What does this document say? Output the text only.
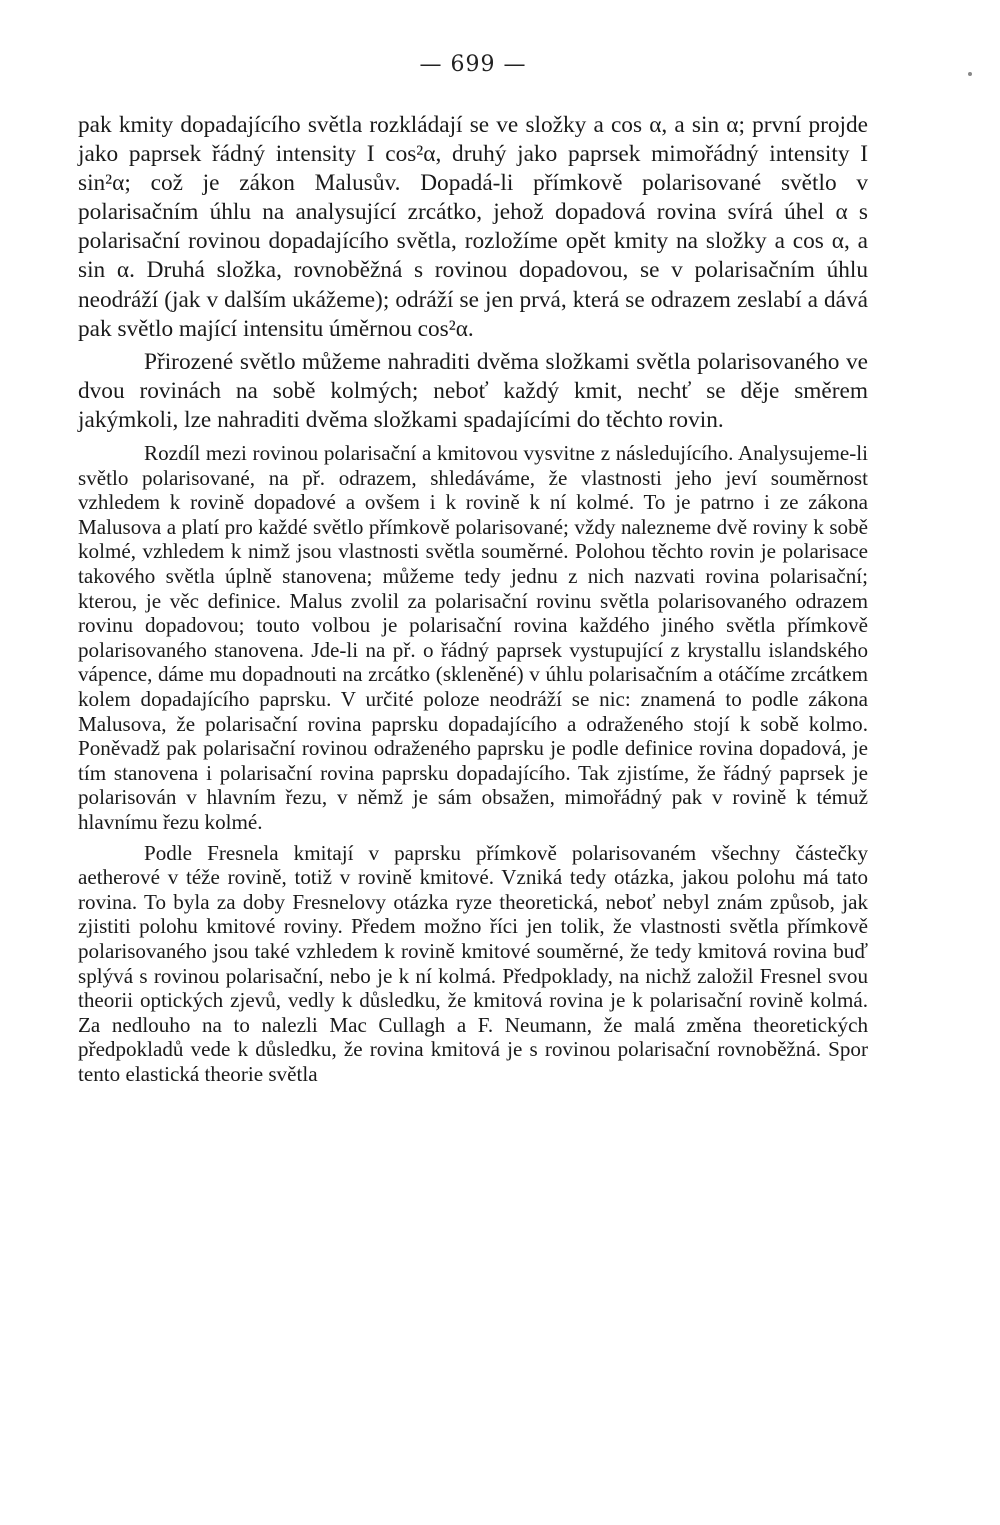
— 699 —

pak kmity dopadajícího světla rozkládají se ve složky a cos α, a sin α; první projde jako paprsek řádný intensity I cos²α, druhý jako paprsek mimořádný intensity I sin²α; což je zákon Malusův. Dopadá-li přímkově polarisované světlo v polarisačním úhlu na analysující zrcátko, jehož dopadová rovina svírá úhel α s polarisační rovinou dopadajícího světla, rozložíme opět kmity na složky a cos α, a sin α. Druhá složka, rovnoběžná s rovinou dopadovou, se v polarisačním úhlu neodráží (jak v dalším ukážeme); odráží se jen prvá, která se odrazem zeslabí a dává pak světlo mající intensitu úměrnou cos²α.

Přirozené světlo můžeme nahraditi dvěma složkami světla polarisovaného ve dvou rovinách na sobě kolmých; neboť každý kmit, nechť se děje směrem jakýmkoli, lze nahraditi dvěma složkami spadajícími do těchto rovin.

Rozdíl mezi rovinou polarisační a kmitovou vysvitne z následujícího. Analysujeme-li světlo polarisované, na př. odrazem, shledáváme, že vlastnosti jeho jeví souměrnost vzhledem k rovině dopadové a ovšem i k rovině k ní kolmé. To je patrno i ze zákona Malusova a platí pro každé světlo přímkově polarisované; vždy nalezneme dvě roviny k sobě kolmé, vzhledem k nimž jsou vlastnosti světla souměrné. Polohou těchto rovin je polarisace takového světla úplně stanovena; můžeme tedy jednu z nich nazvati rovina polarisační; kterou, je věc definice. Malus zvolil za polarisační rovinu světla polarisovaného odrazem rovinu dopadovou; touto volbou je polarisační rovina každého jiného světla přímkově polarisovaného stanovena. Jde-li na př. o řádný paprsek vystupující z krystallu islandského vápence, dáme mu dopadnouti na zrcátko (skleněné) v úhlu polarisačním a otáčíme zrcátkem kolem dopadajícího paprsku. V určité poloze neodráží se nic: znamená to podle zákona Malusova, že polarisační rovina paprsku dopadajícího a odraženého stojí k sobě kolmo. Poněvadž pak polarisační rovinou odraženého paprsku je podle definice rovina dopadová, je tím stanovena i polarisační rovina paprsku dopadajícího. Tak zjistíme, že řádný paprsek je polarisován v hlavním řezu, v němž je sám obsažen, mimořádný pak v rovině k témuž hlavnímu řezu kolmé.

Podle Fresnela kmitají v paprsku přímkově polarisovaném všechny částečky aetherové v téže rovině, totiž v rovině kmitové. Vzniká tedy otázka, jakou polohu má tato rovina. To byla za doby Fresnelovy otázka ryze theoretická, neboť nebyl znám způsob, jak zjistiti polohu kmitové roviny. Předem možno říci jen tolik, že vlastnosti světla přímkově polarisovaného jsou také vzhledem k rovině kmitové souměrné, že tedy kmitová rovina buď splývá s rovinou polarisační, nebo je k ní kolmá. Předpoklady, na nichž založil Fresnel svou theorii optických zjevů, vedly k důsledku, že kmitová rovina je k polarisační rovině kolmá. Za nedlouho na to nalezli Mac Cullagh a F. Neumann, že malá změna theoretických předpokladů vede k důsledku, že rovina kmitová je s rovinou polarisační rovnoběžná. Spor tento elastická theorie světla
